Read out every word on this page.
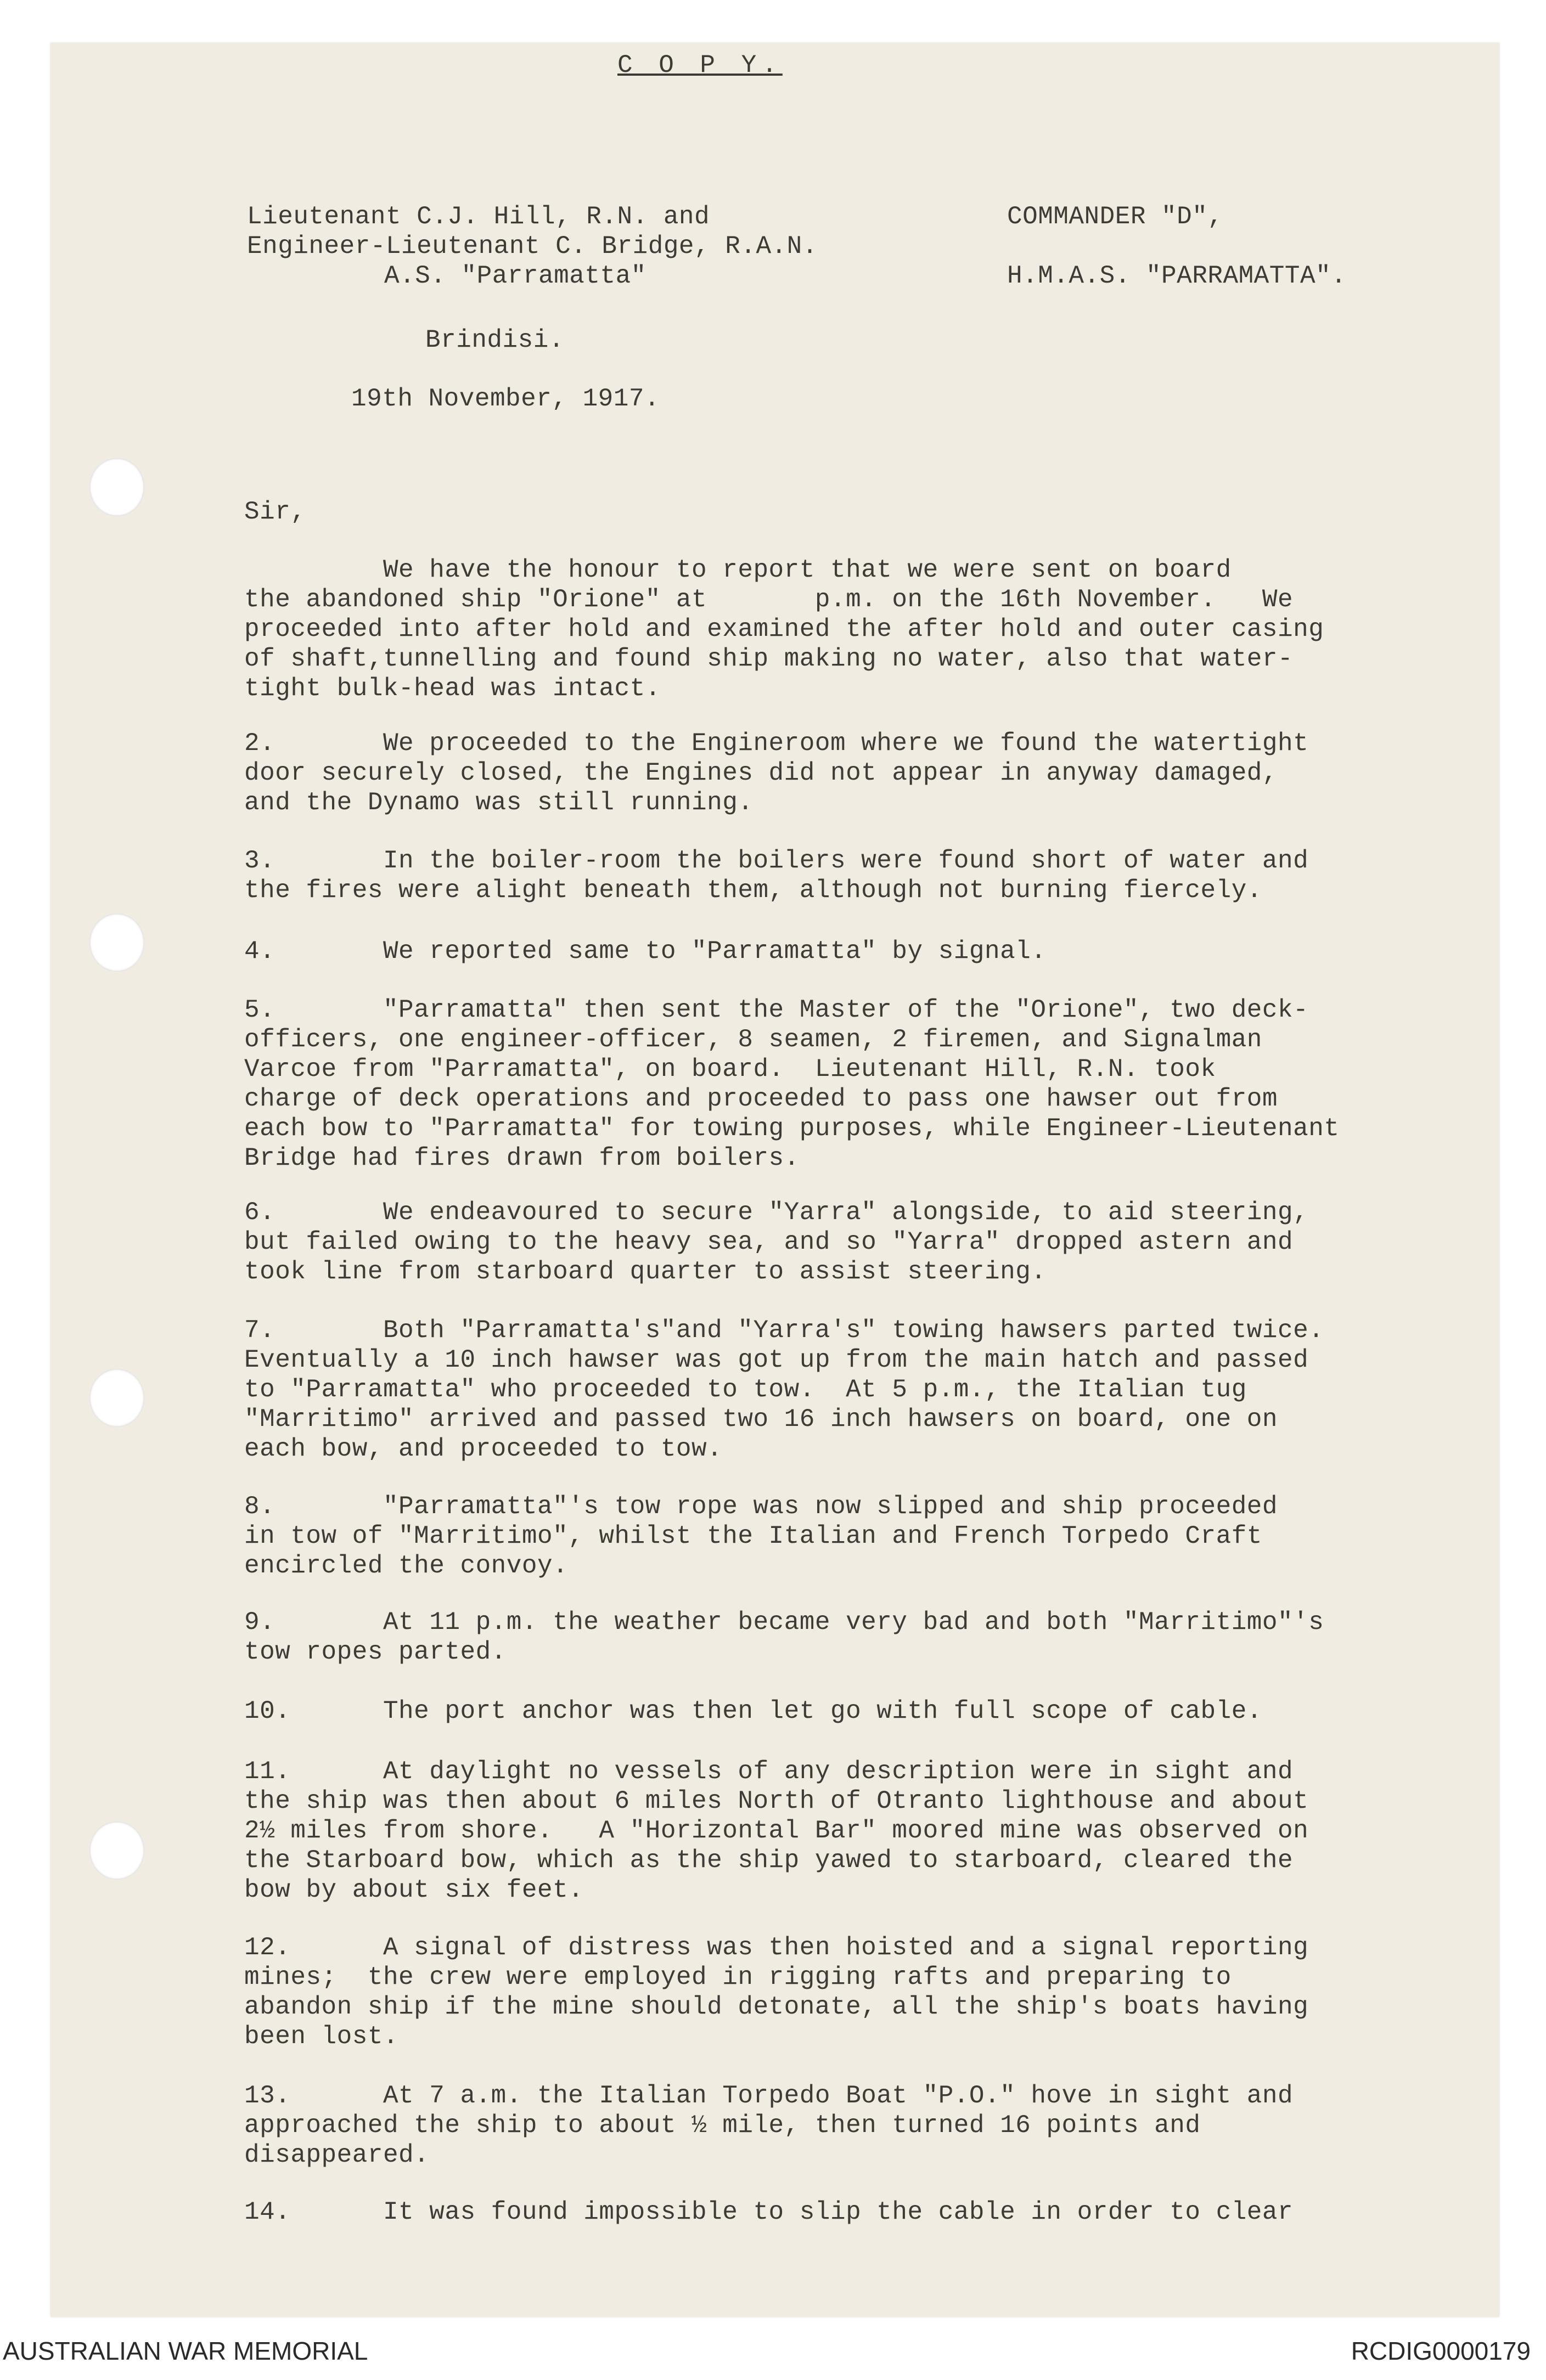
C O P Y.
Lieutenant C.J. Hill, R.N. and
Engineer-Lieutenant C. Bridge, R.A.N.
A.S. "Parramatta"
COMMANDER "D",
H.M.A.S. "PARRAMATTA".
Brindisi.
19th November, 1917.
Sir,
We have the honour to report that we were sent on board
the abandoned ship "Orione" at       p.m. on the 16th November.   We
proceeded into after hold and examined the after hold and outer casing
of shaft,tunnelling and found ship making no water, also that water-
tight bulk-head was intact.
2.       We proceeded to the Engineroom where we found the watertight
door securely closed, the Engines did not appear in anyway damaged,
and the Dynamo was still running.
3.       In the boiler-room the boilers were found short of water and
the fires were alight beneath them, although not burning fiercely.
4.       We reported same to "Parramatta" by signal.
5.       "Parramatta" then sent the Master of the "Orione", two deck-
officers, one engineer-officer, 8 seamen, 2 firemen, and Signalman
Varcoe from "Parramatta", on board.  Lieutenant Hill, R.N. took
charge of deck operations and proceeded to pass one hawser out from
each bow to "Parramatta" for towing purposes, while Engineer-Lieutenant
Bridge had fires drawn from boilers.
6.       We endeavoured to secure "Yarra" alongside, to aid steering,
but failed owing to the heavy sea, and so "Yarra" dropped astern and
took line from starboard quarter to assist steering.
7.       Both "Parramatta's"and "Yarra's" towing hawsers parted twice.
Eventually a 10 inch hawser was got up from the main hatch and passed
to "Parramatta" who proceeded to tow.  At 5 p.m., the Italian tug
"Marritimo" arrived and passed two 16 inch hawsers on board, one on
each bow, and proceeded to tow.
8.       "Parramatta"'s tow rope was now slipped and ship proceeded
in tow of "Marritimo", whilst the Italian and French Torpedo Craft
encircled the convoy.
9.       At 11 p.m. the weather became very bad and both "Marritimo"'s
tow ropes parted.
10.      The port anchor was then let go with full scope of cable.
11.      At daylight no vessels of any description were in sight and
the ship was then about 6 miles North of Otranto lighthouse and about
2½ miles from shore.   A "Horizontal Bar" moored mine was observed on
the Starboard bow, which as the ship yawed to starboard, cleared the
bow by about six feet.
12.      A signal of distress was then hoisted and a signal reporting
mines;  the crew were employed in rigging rafts and preparing to
abandon ship if the mine should detonate, all the ship's boats having
been lost.
13.      At 7 a.m. the Italian Torpedo Boat "P.O." hove in sight and
approached the ship to about ½ mile, then turned 16 points and
disappeared.
14.      It was found impossible to slip the cable in order to clear
AUSTRALIAN WAR MEMORIAL	RCDIG0000179
